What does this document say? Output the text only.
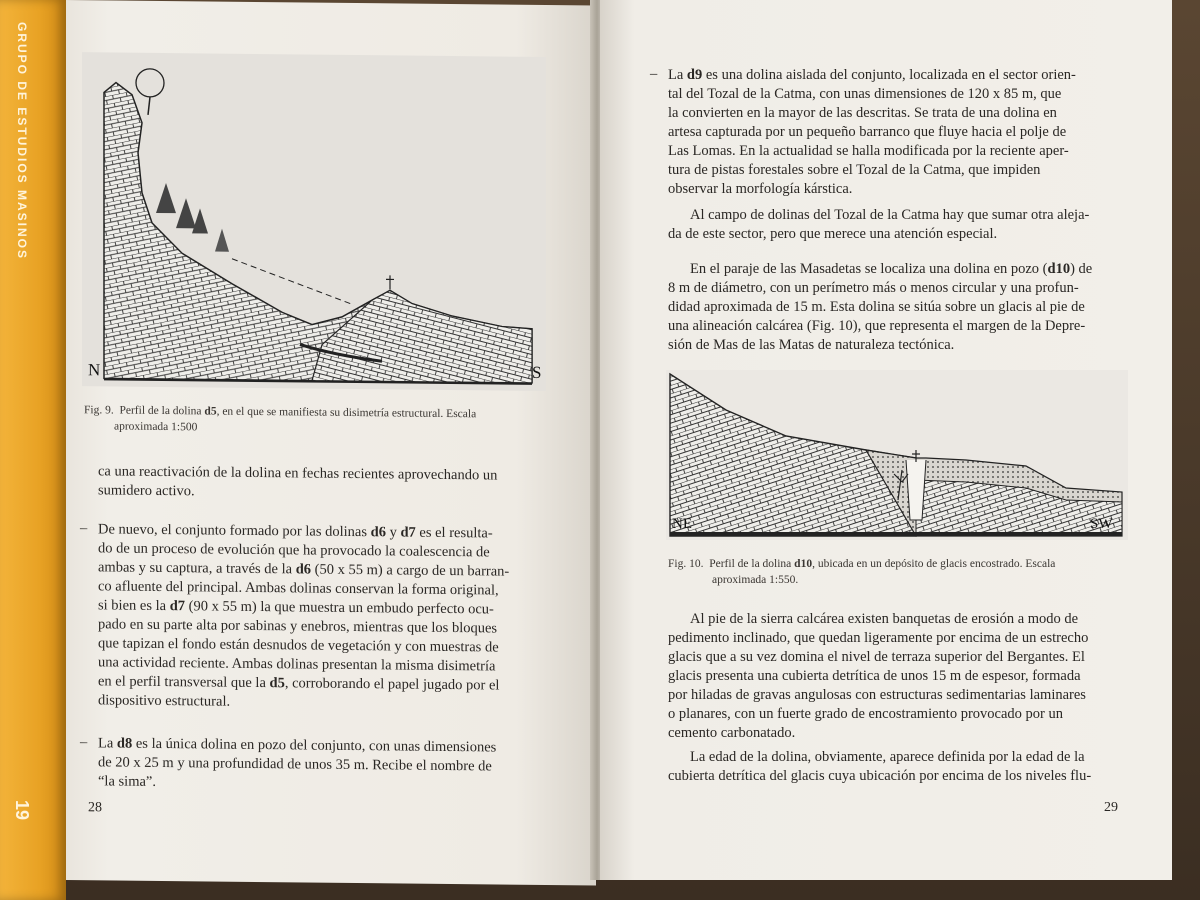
GRUPO DE ESTUDIOS MASINOS
19
N	S
Fig. 9. Perfil de la dolina d5, en el que se manifiesta su disimetría estructural. Escala
aproximada 1:500
ca una reactivación de la dolina en fechas recientes aprovechando un
sumidero activo.
– De nuevo, el conjunto formado por las dolinas d6 y d7 es el resulta-
do de un proceso de evolución que ha provocado la coalescencia de
ambas y su captura, a través de la d6 (50 x 55 m) a cargo de un barran-
co afluente del principal. Ambas dolinas conservan la forma original,
si bien es la d7 (90 x 55 m) la que muestra un embudo perfecto ocu-
pado en su parte alta por sabinas y enebros, mientras que los bloques
que tapizan el fondo están desnudos de vegetación y con muestras de
una actividad reciente. Ambas dolinas presentan la misma disimetría
en el perfil transversal que la d5, corroborando el papel jugado por el
dispositivo estructural.
– La d8 es la única dolina en pozo del conjunto, con unas dimensiones
de 20 x 25 m y una profundidad de unos 35 m. Recibe el nombre de
“la sima”.
28
– La d9 es una dolina aislada del conjunto, localizada en el sector orien-
tal del Tozal de la Catma, con unas dimensiones de 120 x 85 m, que
la convierten en la mayor de las descritas. Se trata de una dolina en
artesa capturada por un pequeño barranco que fluye hacia el polje de
Las Lomas. En la actualidad se halla modificada por la reciente aper-
tura de pistas forestales sobre el Tozal de la Catma, que impiden
observar la morfología kárstica.
Al campo de dolinas del Tozal de la Catma hay que sumar otra aleja-
da de este sector, pero que merece una atención especial.
En el paraje de las Masadetas se localiza una dolina en pozo (d10) de
8 m de diámetro, con un perímetro más o menos circular y una profun-
didad aproximada de 15 m. Esta dolina se sitúa sobre un glacis al pie de
una alineación calcárea (Fig. 10), que representa el margen de la Depre-
sión de Mas de las Matas de naturaleza tectónica.
NE	SW
Fig. 10. Perfil de la dolina d10, ubicada en un depósito de glacis encostrado. Escala
aproximada 1:550.
Al pie de la sierra calcárea existen banquetas de erosión a modo de
pedimento inclinado, que quedan ligeramente por encima de un estrecho
glacis que a su vez domina el nivel de terraza superior del Bergantes. El
glacis presenta una cubierta detrítica de unos 15 m de espesor, formada
por hiladas de gravas angulosas con estructuras sedimentarias laminares
o planares, con un fuerte grado de encostramiento provocado por un
cemento carbonatado.
La edad de la dolina, obviamente, aparece definida por la edad de la
cubierta detrítica del glacis cuya ubicación por encima de los niveles flu-
29
